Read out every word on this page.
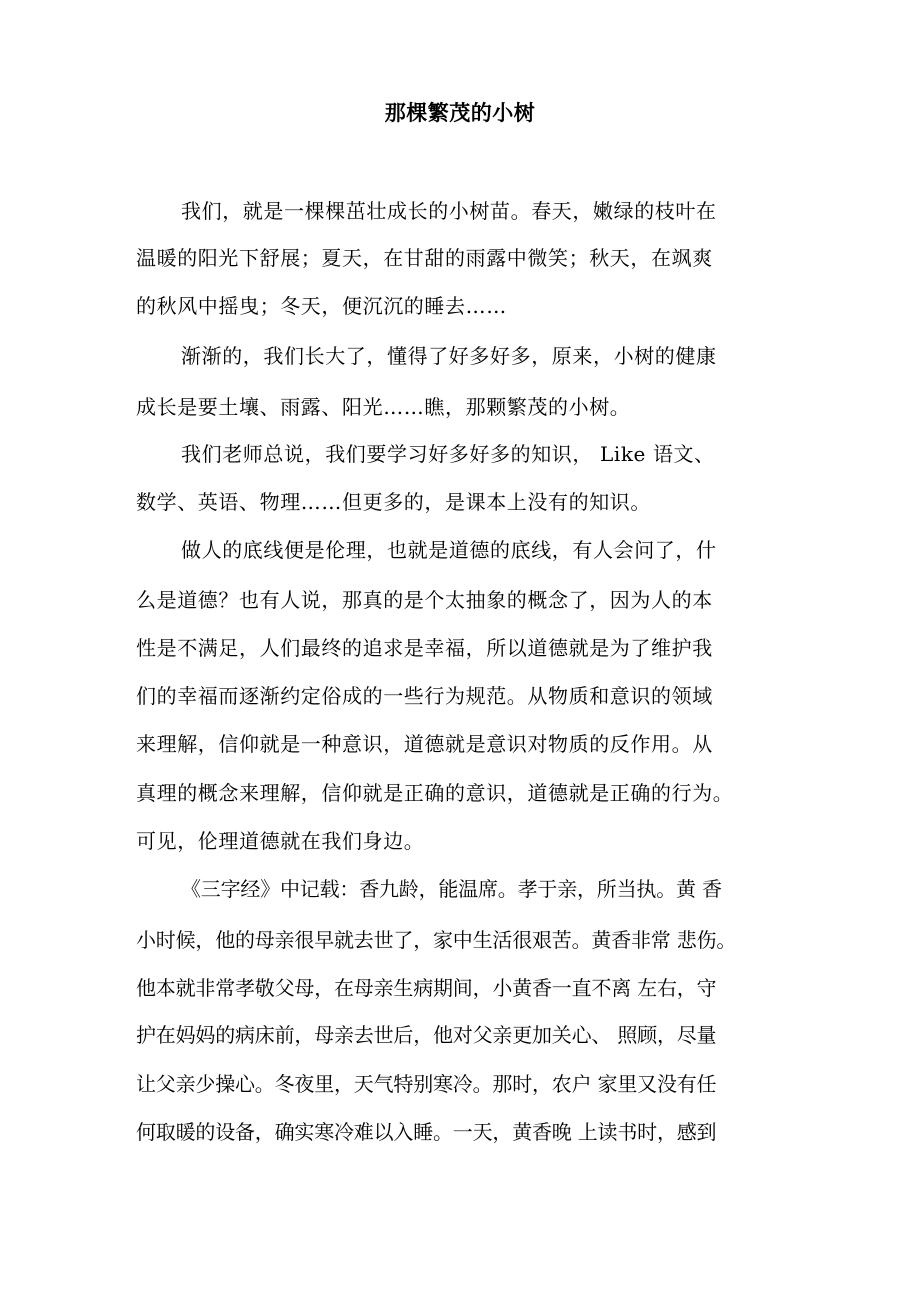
那棵繁茂的小树
我们，就是一棵棵茁壮成长的小树苗。春天，嫩绿的枝叶在
温暖的阳光下舒展；夏天，在甘甜的雨露中微笑；秋天，在飒爽
的秋风中摇曳；冬天，便沉沉的睡去……
渐渐的，我们长大了，懂得了好多好多，原来，小树的健康
成长是要土壤、雨露、阳光……瞧，那颗繁茂的小树。
我们老师总说，我们要学习好多好多的知识， Like 语文、
数学、英语、物理……但更多的，是课本上没有的知识。
做人的底线便是伦理，也就是道德的底线，有人会问了，什
么是道德？也有人说，那真的是个太抽象的概念了，因为人的本
性是不满足，人们最终的追求是幸福，所以道德就是为了维护我
们的幸福而逐渐约定俗成的一些行为规范。从物质和意识的领域
来理解，信仰就是一种意识，道德就是意识对物质的反作用。从
真理的概念来理解，信仰就是正确的意识，道德就是正确的行为。
可见，伦理道德就在我们身边。
《三字经》中记载：香九龄，能温席。孝于亲，所当执。黄 香
小时候，他的母亲很早就去世了，家中生活很艰苦。黄香非常 悲伤。
他本就非常孝敬父母，在母亲生病期间，小黄香一直不离 左右，守
护在妈妈的病床前，母亲去世后，他对父亲更加关心、 照顾，尽量
让父亲少操心。冬夜里，天气特别寒冷。那时，农户 家里又没有任
何取暖的设备，确实寒冷难以入睡。一天，黄香晚 上读书时，感到
